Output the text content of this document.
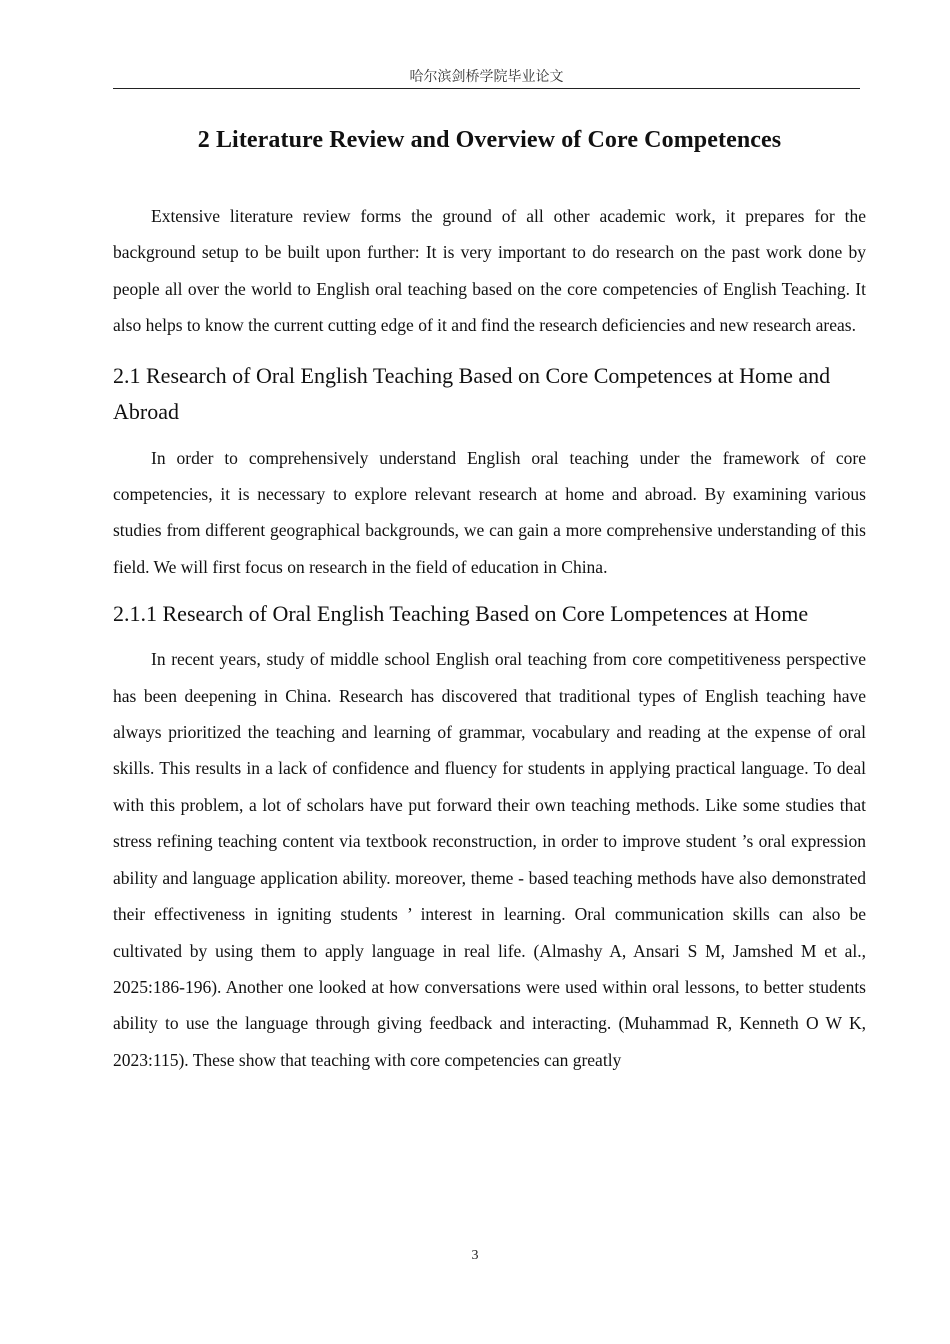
哈尔滨剑桥学院毕业论文
2 Literature Review and Overview of Core Competences

Extensive literature review forms the ground of all other academic work, it prepares for the background setup to be built upon further: It is very important to do research on the past work done by people all over the world to English oral teaching based on the core competencies of English Teaching. It also helps to know the current cutting edge of it and find the research deficiencies and new research areas.

2.1 Research of Oral English Teaching Based on Core Competences at Home and Abroad

In order to comprehensively understand English oral teaching under the framework of core competencies, it is necessary to explore relevant research at home and abroad. By examining various studies from different geographical backgrounds, we can gain a more comprehensive understanding of this field. We will first focus on research in the field of education in China.

2.1.1 Research of Oral English Teaching Based on Core Lompetences at Home

In recent years, study of middle school English oral teaching from core competitiveness perspective has been deepening in China. Research has discovered that traditional types of English teaching have always prioritized the teaching and learning of grammar, vocabulary and reading at the expense of oral skills. This results in a lack of confidence and fluency for students in applying practical language. To deal with this problem, a lot of scholars have put forward their own teaching methods. Like some studies that stress refining teaching content via textbook reconstruction, in order to improve student ’s oral expression ability and language application ability. moreover, theme - based teaching methods have also demonstrated their effectiveness in igniting students ’ interest in learning. Oral communication skills can also be cultivated by using them to apply language in real life. (Almashy A, Ansari S M, Jamshed M et al., 2025:186-196). Another one looked at how conversations were used within oral lessons, to better students ability to use the language through giving feedback and interacting. (Muhammad R, Kenneth O W K, 2023:115). These show that teaching with core competencies can greatly

3
